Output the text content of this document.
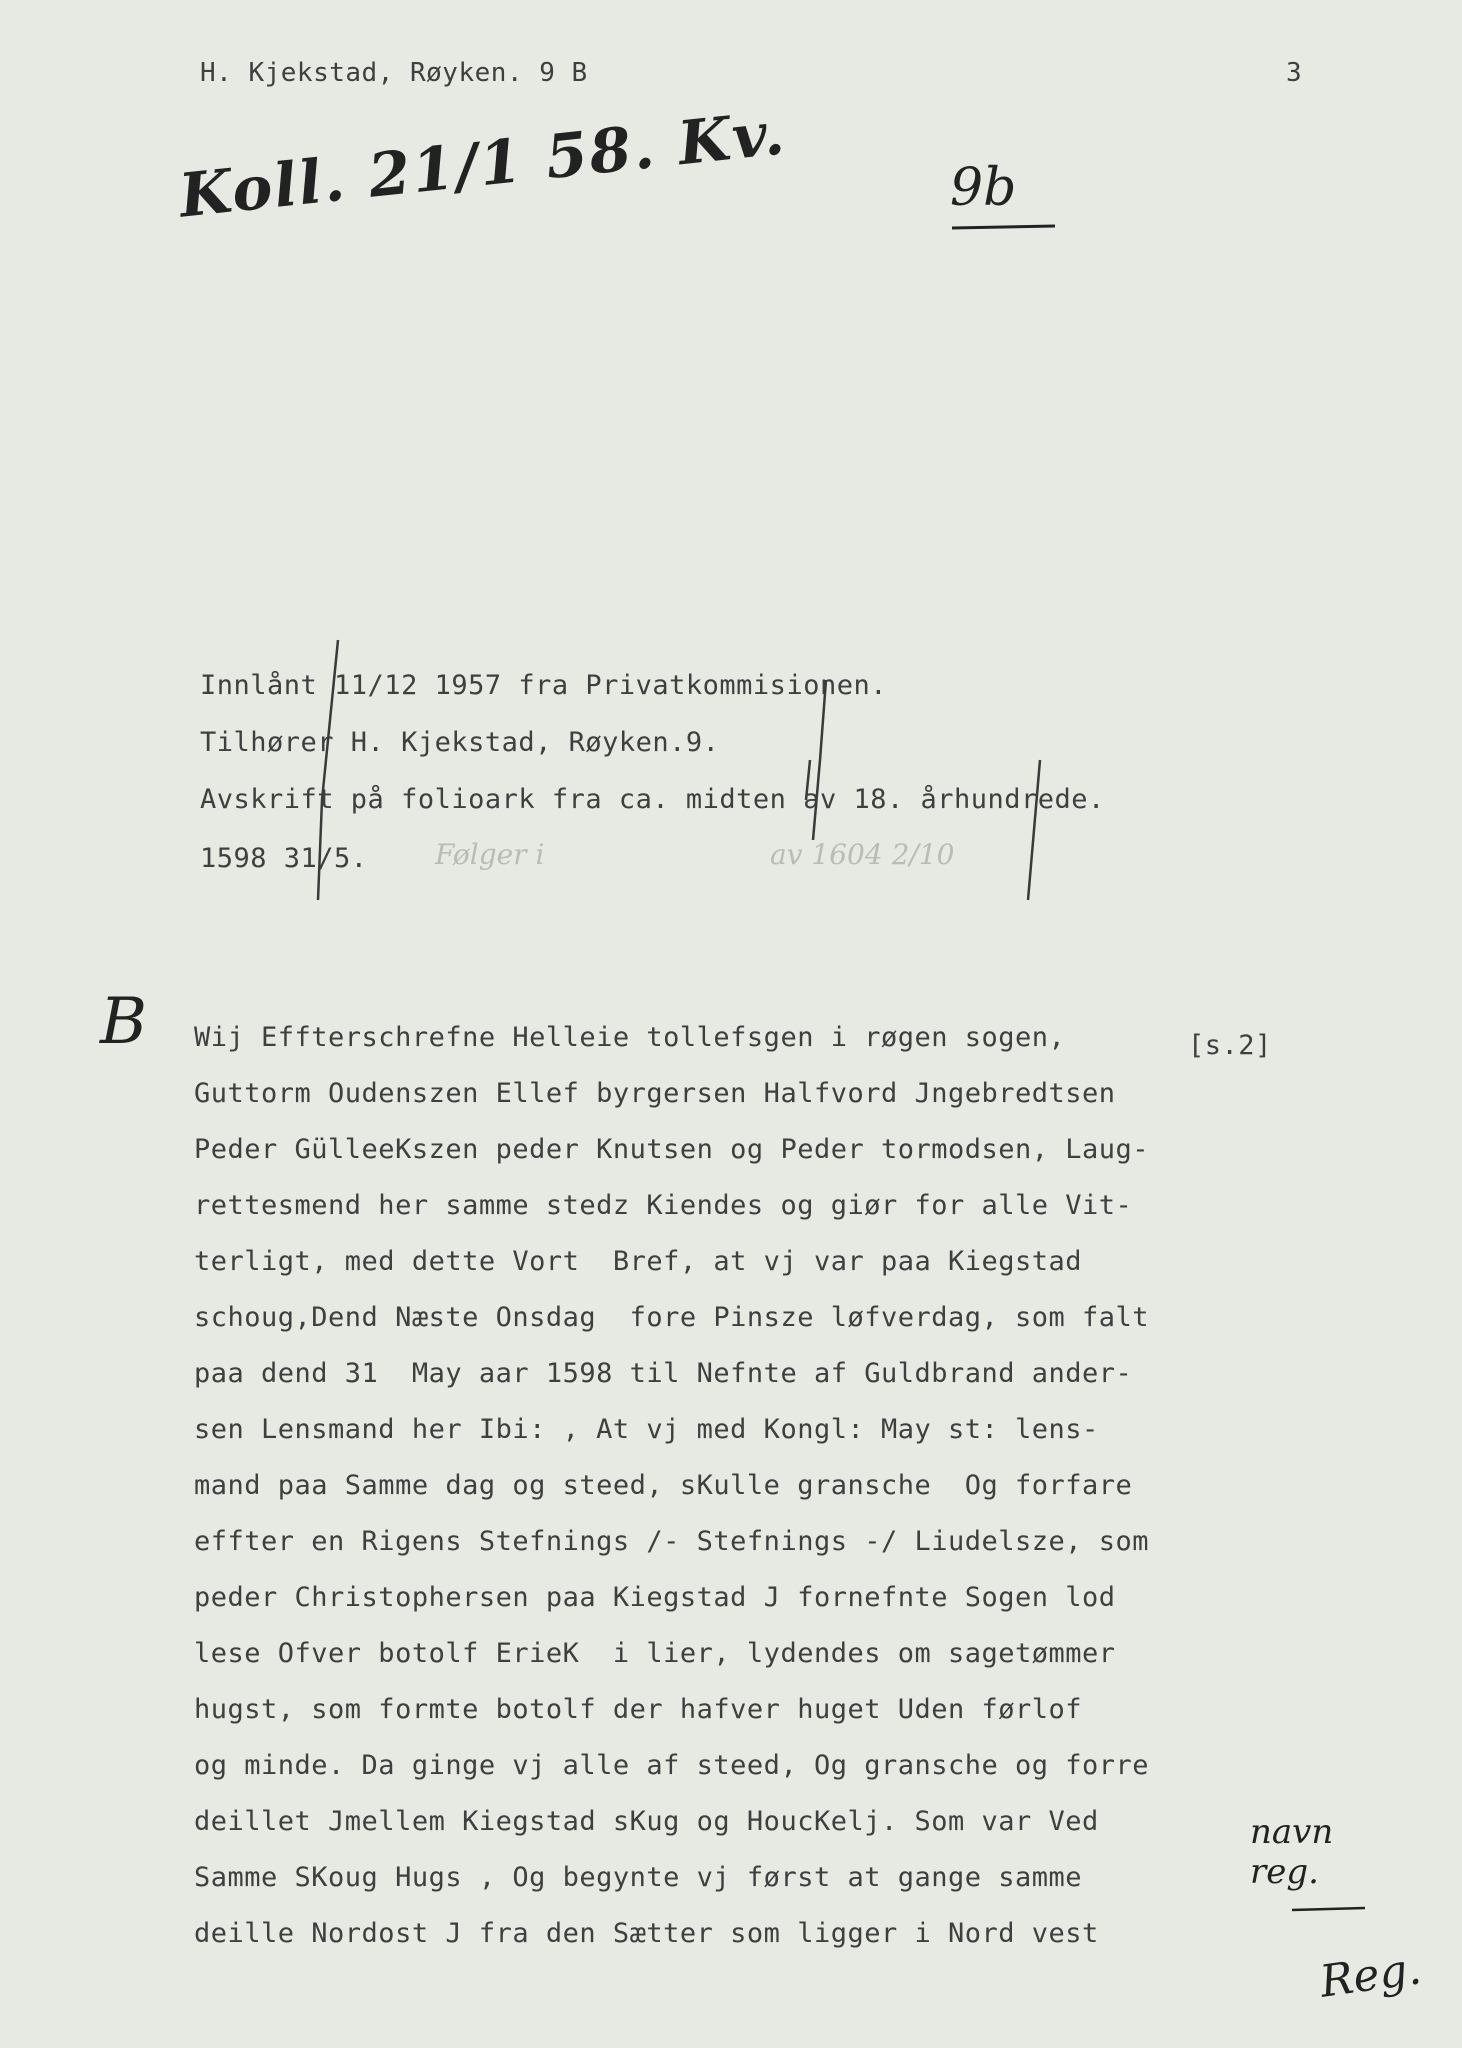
H. Kjekstad, Røyken. 9 B	3
Koll. 21/1 58. Kv.	9b
Innlånt 11/12 1957 fra Privatkommisionen.
Tilhører H. Kjekstad, Røyken.9.
Avskrift på folioark fra ca. midten av 18. århundrede.
1598 31/5. Følger i	av 1604 2/10
B	[s.2]
Wij Effterschrefne Helleie tollefsgen i røgen sogen,
Guttorm Oudenszen Ellef byrgersen Halfvord Jngebredtsen
Peder GülleeKszen peder Knutsen og Peder tormodsen, Laug-
rettesmend her samme stedz Kiendes og giør for alle Vit-
terligt, med dette Vort  Bref, at vj var paa Kiegstad
schoug,Dend Næste Onsdag  fore Pinsze løfverdag, som falt
paa dend 31  May aar 1598 til Nefnte af Guldbrand ander-
sen Lensmand her Ibi: , At vj med Kongl: May st: lens-
mand paa Samme dag og steed, sKulle gransche  Og forfare
effter en Rigens Stefnings /- Stefnings -/ Liudelsze, som
peder Christophersen paa Kiegstad J fornefnte Sogen lod
lese Ofver botolf ErieK  i lier, lydendes om sagetømmer
hugst, som formte botolf der hafver huget Uden førlof
og minde. Da ginge vj alle af steed, Og gransche og forre
deillet Jmellem Kiegstad sKug og HoucKelj. Som var Ved
Samme SKoug Hugs , Og begynte vj først at gange samme
deille Nordost J fra den Sætter som ligger i Nord vest
navn reg.
Reg.
